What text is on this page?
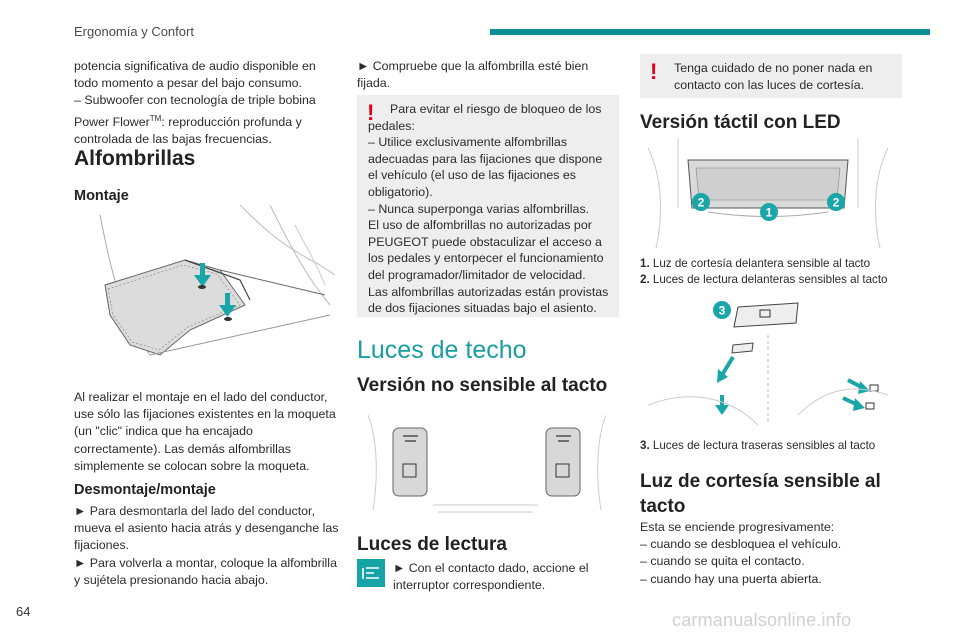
Ergonomía y Confort

potencia significativa de audio disponible en todo momento a pesar del bajo consumo.

– Subwoofer con tecnología de triple bobina Power Flower™: reproducción profunda y controlada de las bajas frecuencias.

Alfombrillas
Montaje

Al realizar el montaje en el lado del conductor, use sólo las fijaciones existentes en la moqueta (un "clic" indica que ha encajado correctamente). Las demás alfombrillas simplemente se colocan sobre la moqueta.

Desmontaje/montaje

► Para desmontarla del lado del conductor, mueva el asiento hacia atrás y desenganche las fijaciones.

► Para volverla a montar, coloque la alfombrilla y sujétela presionando hacia abajo.

► Compruebe que la alfombrilla esté bien fijada.

!	Para evitar el riesgo de bloqueo de los pedales:
– Utilice exclusivamente alfombrillas adecuadas para las fijaciones que dispone el vehículo (el uso de las fijaciones es obligatorio).
– Nunca superponga varias alfombrillas.
El uso de alfombrillas no autorizadas por PEUGEOT puede obstaculizar el acceso a los pedales y entorpecer el funcionamiento del programador/limitador de velocidad.
Las alfombrillas autorizadas están provistas de dos fijaciones situadas bajo el asiento.
Luces de techo
Versión no sensible al tacto
Luces de lectura

► Con el contacto dado, accione el interruptor correspondiente.

! Tenga cuidado de no poner nada en contacto con las luces de cortesía.
Versión táctil con LED
2
1
2
1. Luz de cortesía delantera sensible al tacto
2. Luces de lectura delanteras sensibles al tacto
3
3. Luces de lectura traseras sensibles al tacto
Luz de cortesía sensible al tacto

Esta se enciende progresivamente:

– cuando se desbloquea el vehículo.
– cuando se quita el contacto.
– cuando hay una puerta abierta.

64	carmanualsonline.info
